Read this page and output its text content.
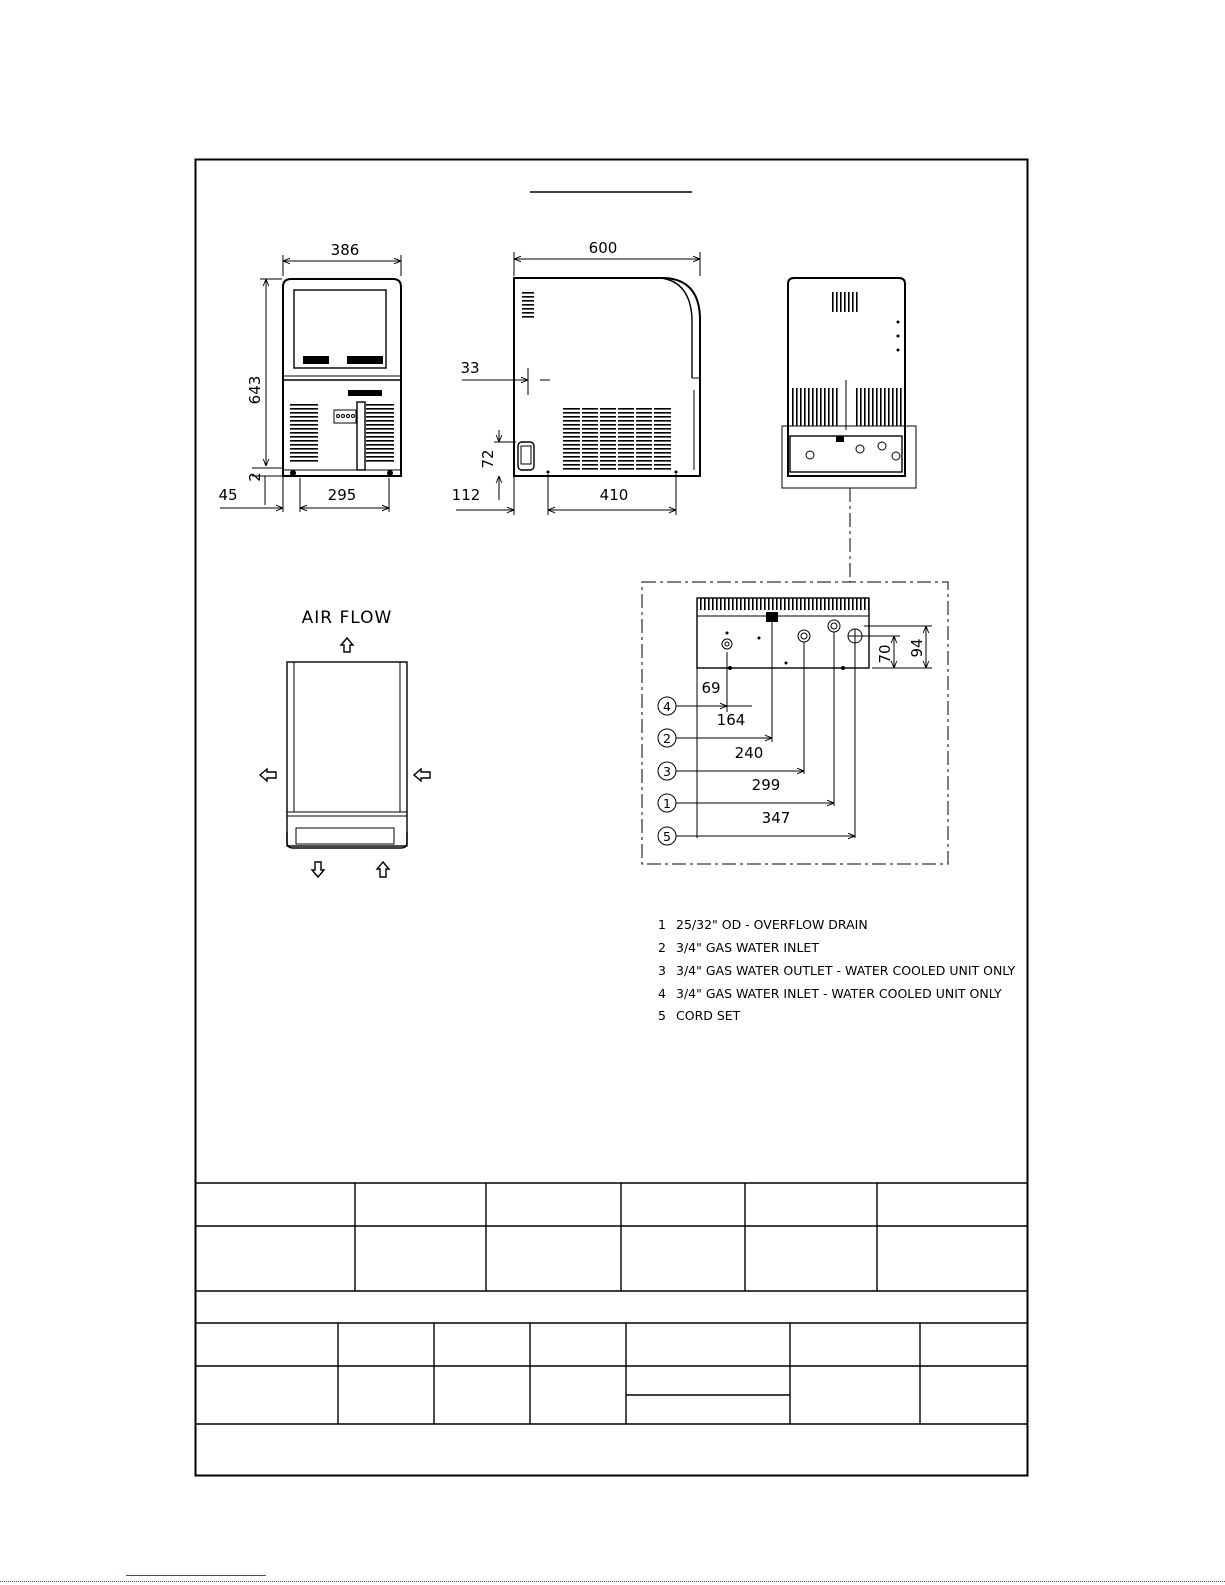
386
643
2
45	295
600
33
72
112	410
70 94
4
69
2
164
3
240
1
299
5
347
AIR FLOW
1 25/32" OD - OVERFLOW DRAIN
2 3/4" GAS WATER INLET
3 3/4" GAS WATER OUTLET - WATER COOLED UNIT ONLY
4 3/4" GAS WATER INLET - WATER COOLED UNIT ONLY
5 CORD SET
